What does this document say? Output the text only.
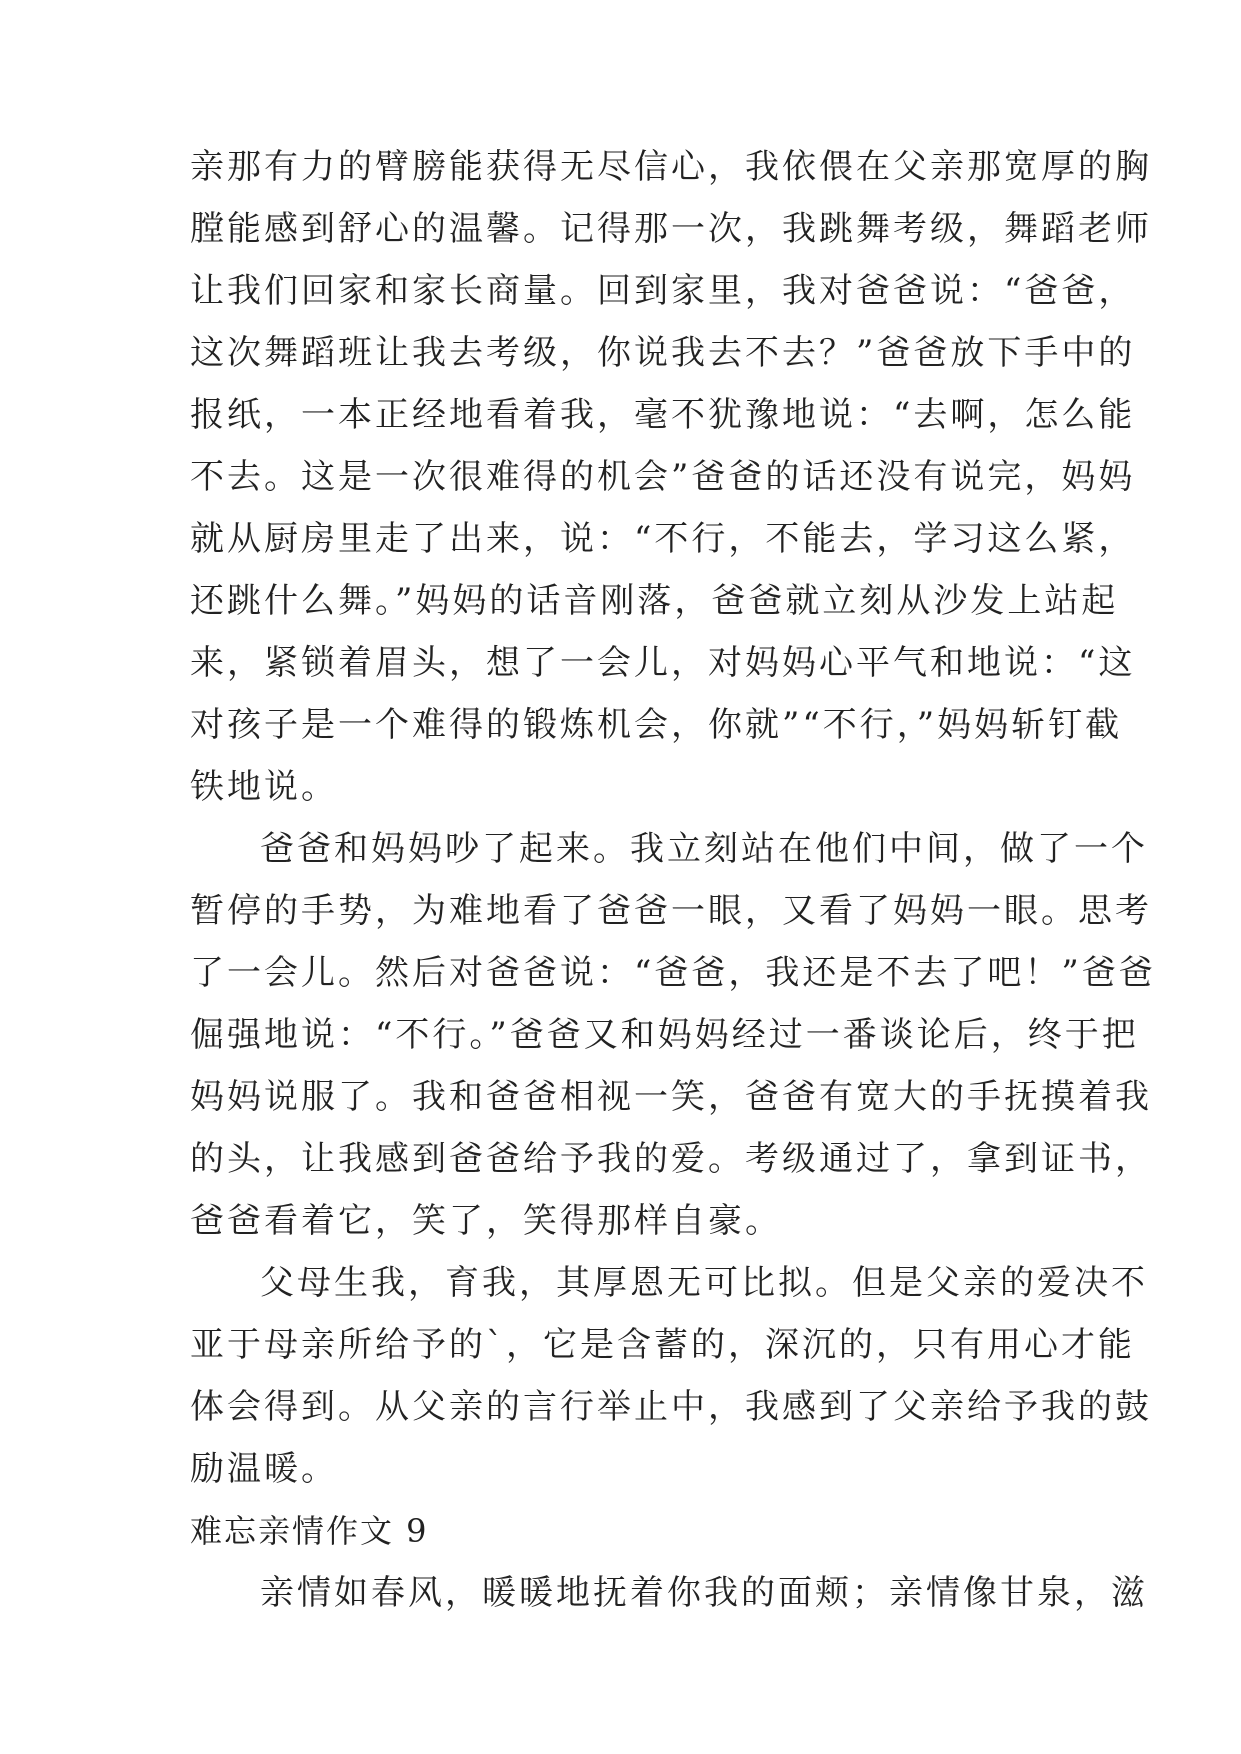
亲那有力的臂膀能获得无尽信心，我依偎在父亲那宽厚的胸
膛能感到舒心的温馨。记得那一次，我跳舞考级，舞蹈老师
让我们回家和家长商量。回到家里，我对爸爸说：“爸爸，
这次舞蹈班让我去考级，你说我去不去？”爸爸放下手中的
报纸，一本正经地看着我，毫不犹豫地说：“去啊，怎么能
不去。这是一次很难得的机会”爸爸的话还没有说完，妈妈
就从厨房里走了出来，说：“不行，不能去，学习这么紧，
还跳什么舞。”妈妈的话音刚落，爸爸就立刻从沙发上站起
来，紧锁着眉头，想了一会儿，对妈妈心平气和地说：“这
对孩子是一个难得的锻炼机会，你就”“不行，”妈妈斩钉截
铁地说。
爸爸和妈妈吵了起来。我立刻站在他们中间，做了一个
暂停的手势，为难地看了爸爸一眼，又看了妈妈一眼。思考
了一会儿。然后对爸爸说：“爸爸，我还是不去了吧！”爸爸
倔强地说：“不行。”爸爸又和妈妈经过一番谈论后，终于把
妈妈说服了。我和爸爸相视一笑，爸爸有宽大的手抚摸着我
的头，让我感到爸爸给予我的爱。考级通过了，拿到证书，
爸爸看着它，笑了，笑得那样自豪。
父母生我，育我，其厚恩无可比拟。但是父亲的爱决不
亚于母亲所给予的`，它是含蓄的，深沉的，只有用心才能
体会得到。从父亲的言行举止中，我感到了父亲给予我的鼓
励温暖。
难忘亲情作文 9
亲情如春风，暖暖地抚着你我的面颊；亲情像甘泉，滋
